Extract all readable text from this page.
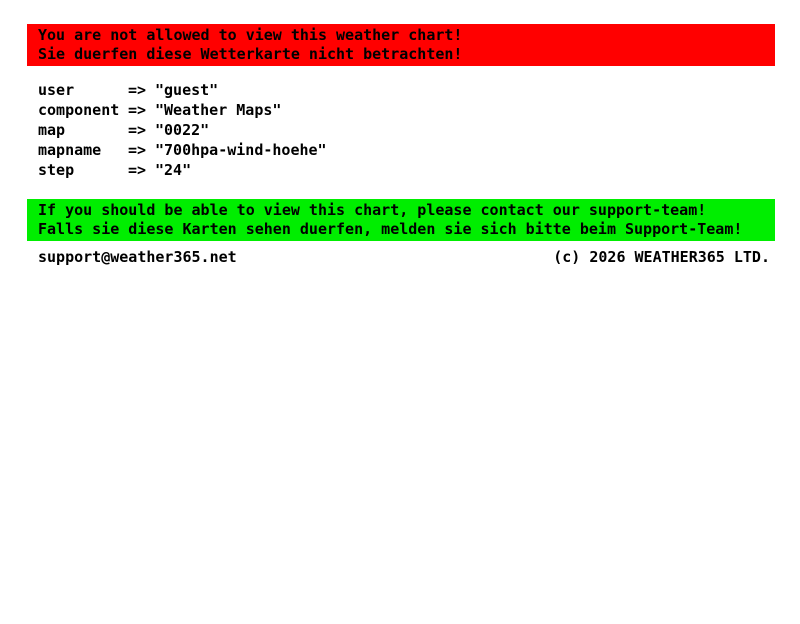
You are not allowed to view this weather chart!
Sie duerfen diese Wetterkarte nicht betrachten!
user	=> "guest"
component => "Weather Maps"
map	=> "0022"
mapname	=> "700hpa-wind-hoehe"
step	=> "24"
If you should be able to view this chart, please contact our support-team!
Falls sie diese Karten sehen duerfen, melden sie sich bitte beim Support-Team!
support@weather365.net	(c) 2026 WEATHER365 LTD.
